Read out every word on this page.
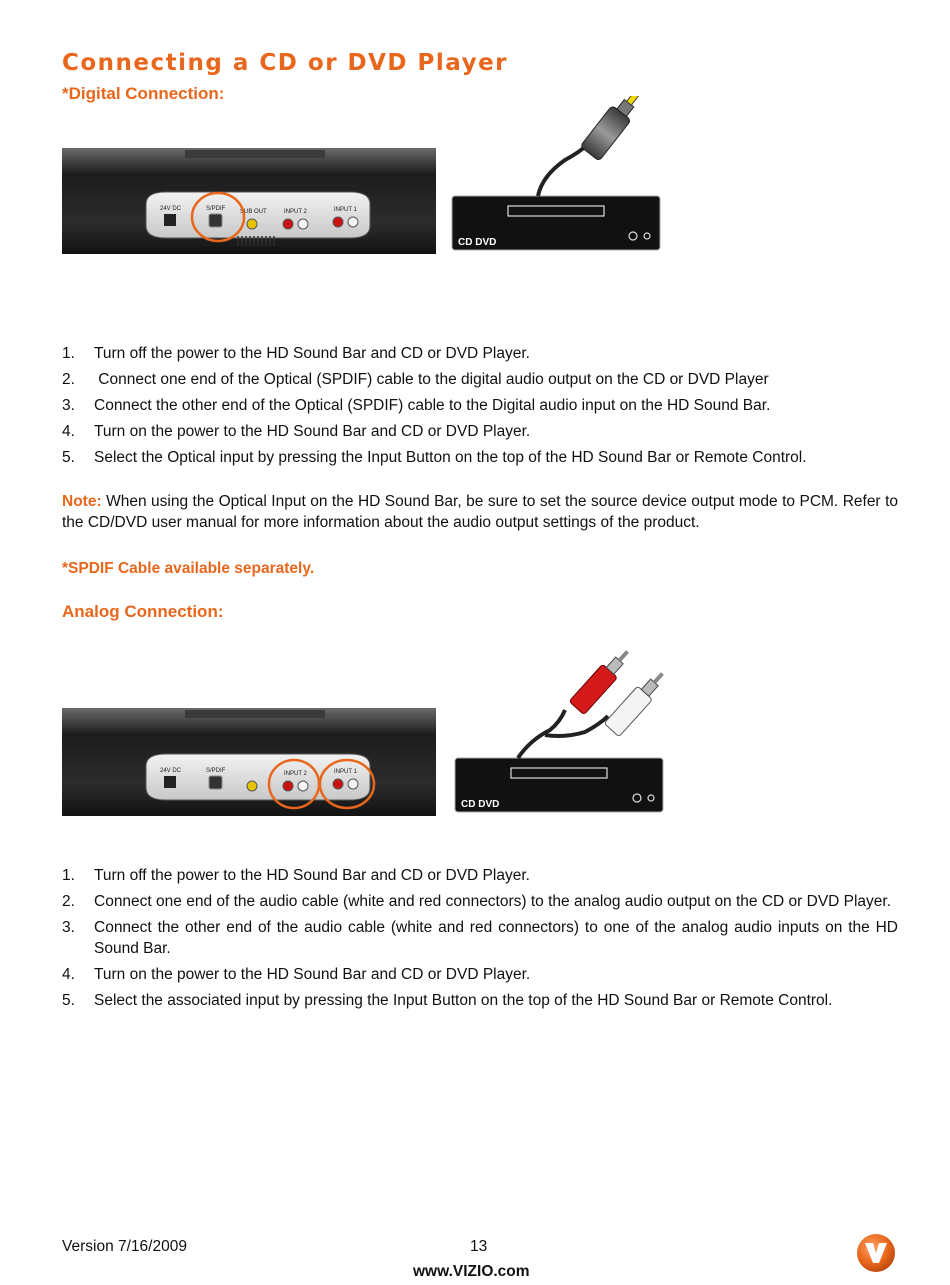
Connecting a CD or DVD Player
*Digital Connection:
24V DC	S/PDIF SUB OUT	INPUT 2	INPUT 1
CD DVD
1.	Turn off the power to the HD Sound Bar and CD or DVD Player.
2.	Connect one end of the Optical (SPDIF) cable to the digital audio output on the CD or DVD Player
3.	Connect the other end of the Optical (SPDIF) cable to the Digital audio input on the HD Sound Bar.
4.	Turn on the power to the HD Sound Bar and CD or DVD Player.
5.	Select the Optical input by pressing the Input Button on the top of the HD Sound Bar or Remote Control.
Note: When using the Optical Input on the HD Sound Bar, be sure to set the source device output mode to PCM. Refer to the CD/DVD user manual for more information about the audio output settings of the product.
*SPDIF Cable available separately.
Analog Connection:
24V DC	S/PDIF	INPUT 2	INPUT 1
CD DVD
1.	Turn off the power to the HD Sound Bar and CD or DVD Player.
2.	Connect one end of the audio cable (white and red connectors) to the analog audio output on the CD or DVD Player.
3.	Connect the other end of the audio cable (white and red connectors) to one of the analog audio inputs on the HD Sound Bar.
4.	Turn on the power to the HD Sound Bar and CD or DVD Player.
5.	Select the associated input by pressing the Input Button on the top of the HD Sound Bar or Remote Control.
Version 7/16/2009	13
www.VIZIO.com
